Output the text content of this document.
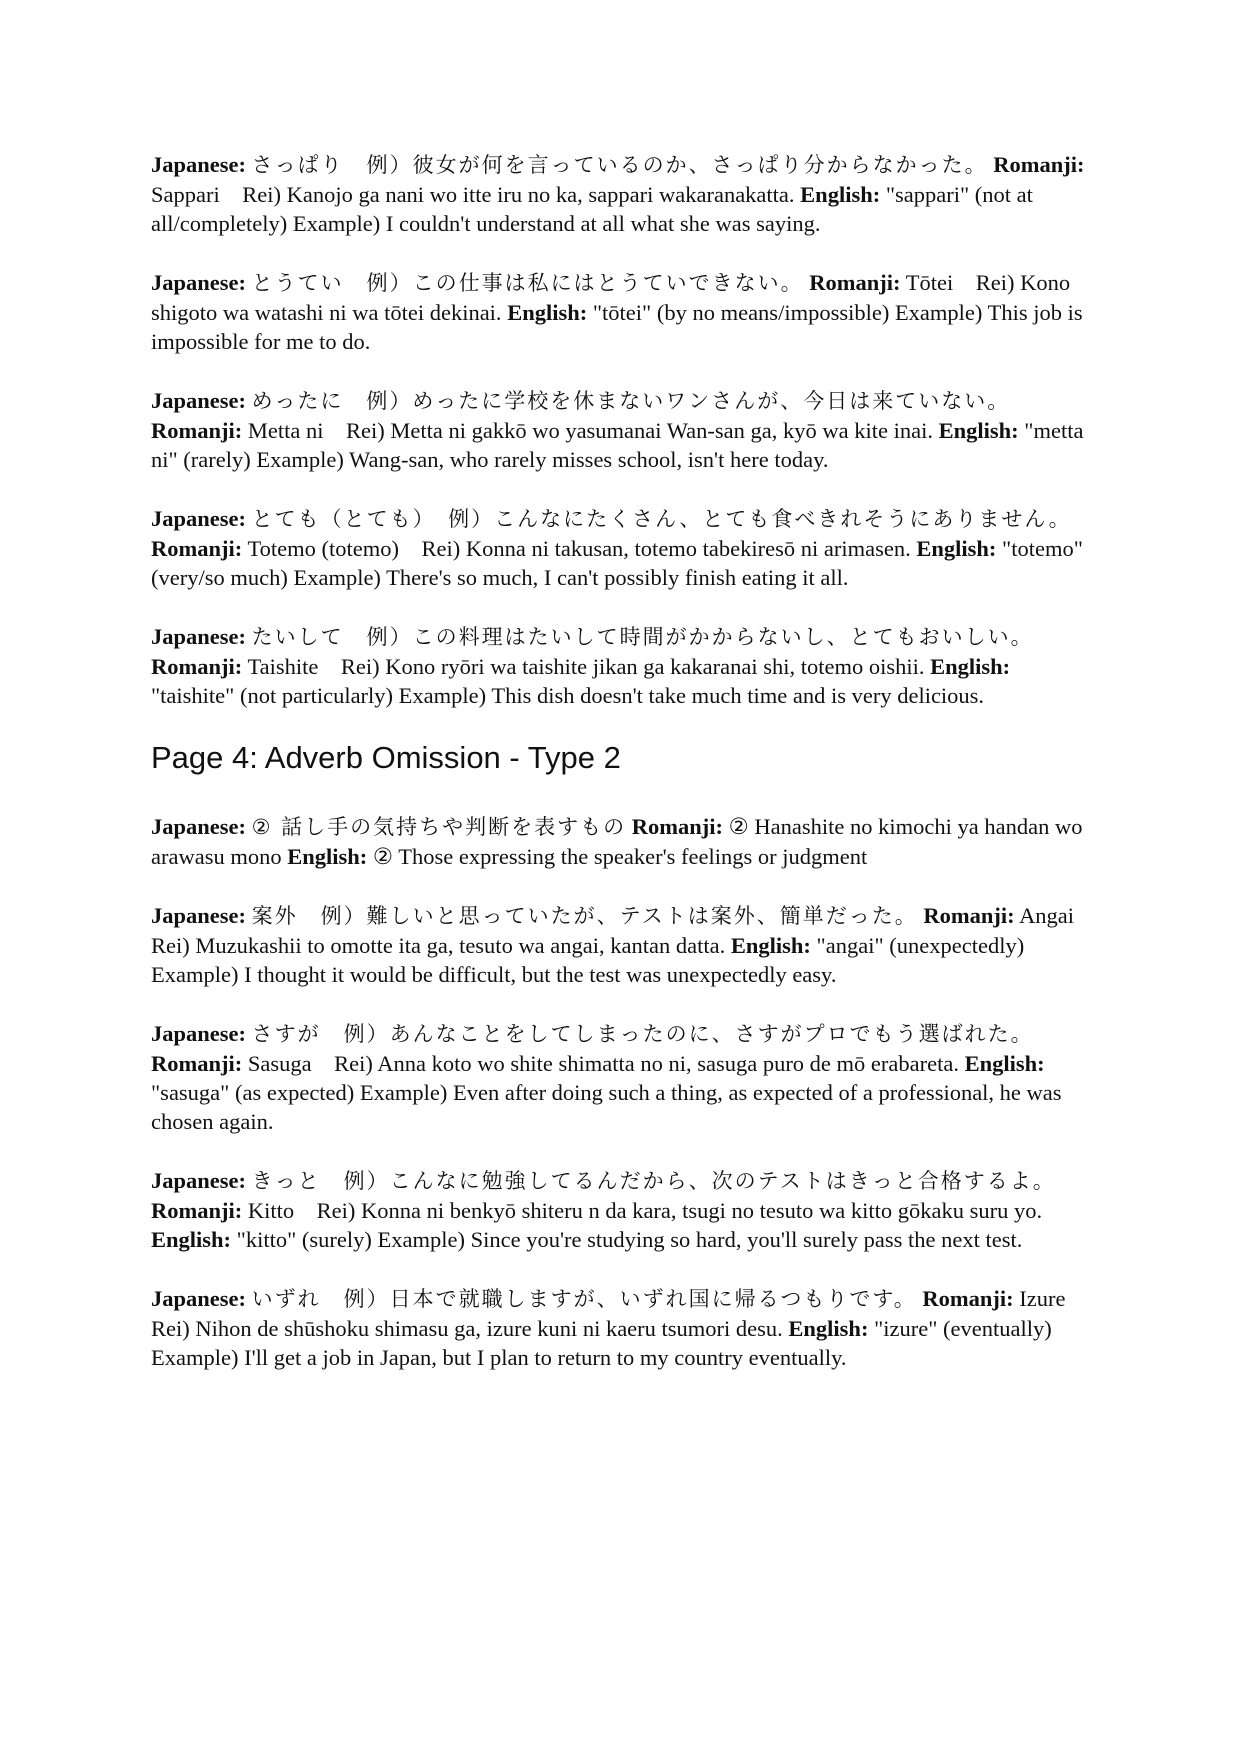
Japanese: さっぱり　例）彼女が何を言っているのか、さっぱり分からなかった。 Romanji: Sappari　Rei) Kanojo ga nani wo itte iru no ka, sappari wakaranakatta. English: "sappari" (not at all/completely) Example) I couldn't understand at all what she was saying.

Japanese: とうてい　例）この仕事は私にはとうていできない。 Romanji: Tōtei　Rei) Kono shigoto wa watashi ni wa tōtei dekinai. English: "tōtei" (by no means/impossible) Example) This job is impossible for me to do.

Japanese: めったに　例）めったに学校を休まないワンさんが、今日は来ていない。 Romanji: Metta ni　Rei) Metta ni gakkō wo yasumanai Wan-san ga, kyō wa kite inai. English: "metta ni" (rarely) Example) Wang-san, who rarely misses school, isn't here today.

Japanese: とても（とても）　例）こんなにたくさん、とても食べきれそうにありません。 Romanji: Totemo (totemo)　Rei) Konna ni takusan, totemo tabekiresō ni arimasen. English: "totemo" (very/so much) Example) There's so much, I can't possibly finish eating it all.

Japanese: たいして　例）この料理はたいして時間がかからないし、とてもおいしい。 Romanji: Taishite　Rei) Kono ryōri wa taishite jikan ga kakaranai shi, totemo oishii. English: "taishite" (not particularly) Example) This dish doesn't take much time and is very delicious.

Page 4: Adverb Omission - Type 2

Japanese: ② 話し手の気持ちや判断を表すもの Romanji: ② Hanashite no kimochi ya handan wo arawasu mono English: ② Those expressing the speaker's feelings or judgment

Japanese: 案外　例）難しいと思っていたが、テストは案外、簡単だった。 Romanji: Angai　Rei) Muzukashii to omotte ita ga, tesuto wa angai, kantan datta. English: "angai" (unexpectedly) Example) I thought it would be difficult, but the test was unexpectedly easy.

Japanese: さすが　例）あんなことをしてしまったのに、さすがプロでもう選ばれた。 Romanji: Sasuga　Rei) Anna koto wo shite shimatta no ni, sasuga puro de mō erabareta. English: "sasuga" (as expected) Example) Even after doing such a thing, as expected of a professional, he was chosen again.

Japanese: きっと　例）こんなに勉強してるんだから、次のテストはきっと合格するよ。 Romanji: Kitto　Rei) Konna ni benkyō shiteru n da kara, tsugi no tesuto wa kitto gōkaku suru yo. English: "kitto" (surely) Example) Since you're studying so hard, you'll surely pass the next test.

Japanese: いずれ　例）日本で就職しますが、いずれ国に帰るつもりです。 Romanji: Izure　Rei) Nihon de shūshoku shimasu ga, izure kuni ni kaeru tsumori desu. English: "izure" (eventually) Example) I'll get a job in Japan, but I plan to return to my country eventually.
